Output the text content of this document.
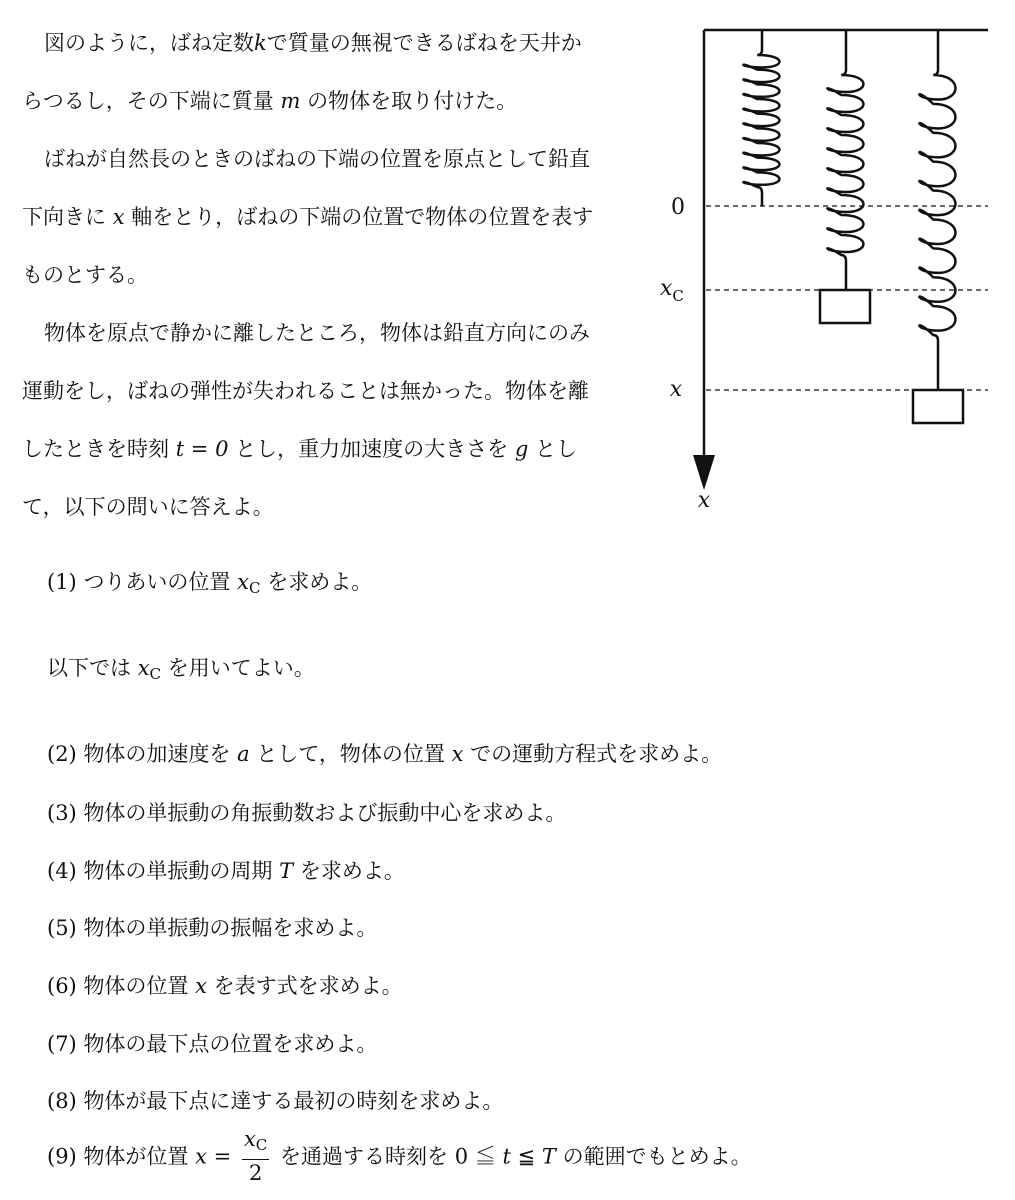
図のように，ばね定数kで質量の無視できるばねを天井か
らつるし，その下端に質量 m の物体を取り付けた。

ばねが自然長のときのばねの下端の位置を原点として鉛直
下向きに x 軸をとり，ばねの下端の位置で物体の位置を表す
ものとする。

物体を原点で静かに離したところ，物体は鉛直方向にのみ
運動をし，ばねの弾性が失われることは無かった。物体を離
したときを時刻 t = 0 とし，重力加速度の大きさを g とし
て，以下の問いに答えよ。

0
$x_C$
x
x
(1) つりあいの位置 $x_C$ を求めよ。
以下では $x_C$ を用いてよい。
(2) 物体の加速度を a として，物体の位置 x での運動方程式を求めよ。
(3) 物体の単振動の角振動数および振動中心を求めよ。
(4) 物体の単振動の周期 T を求めよ。
(5) 物体の単振動の振幅を求めよ。
(6) 物体の位置 x を表す式を求めよ。
(7) 物体の最下点の位置を求めよ。
(8) 物体が最下点に達する最初の時刻を求めよ。
(9) 物体が位置 $x = \frac{x_C}{2}$ を通過する時刻を 0 ≦ t ≦ T の範囲でもとめよ。
